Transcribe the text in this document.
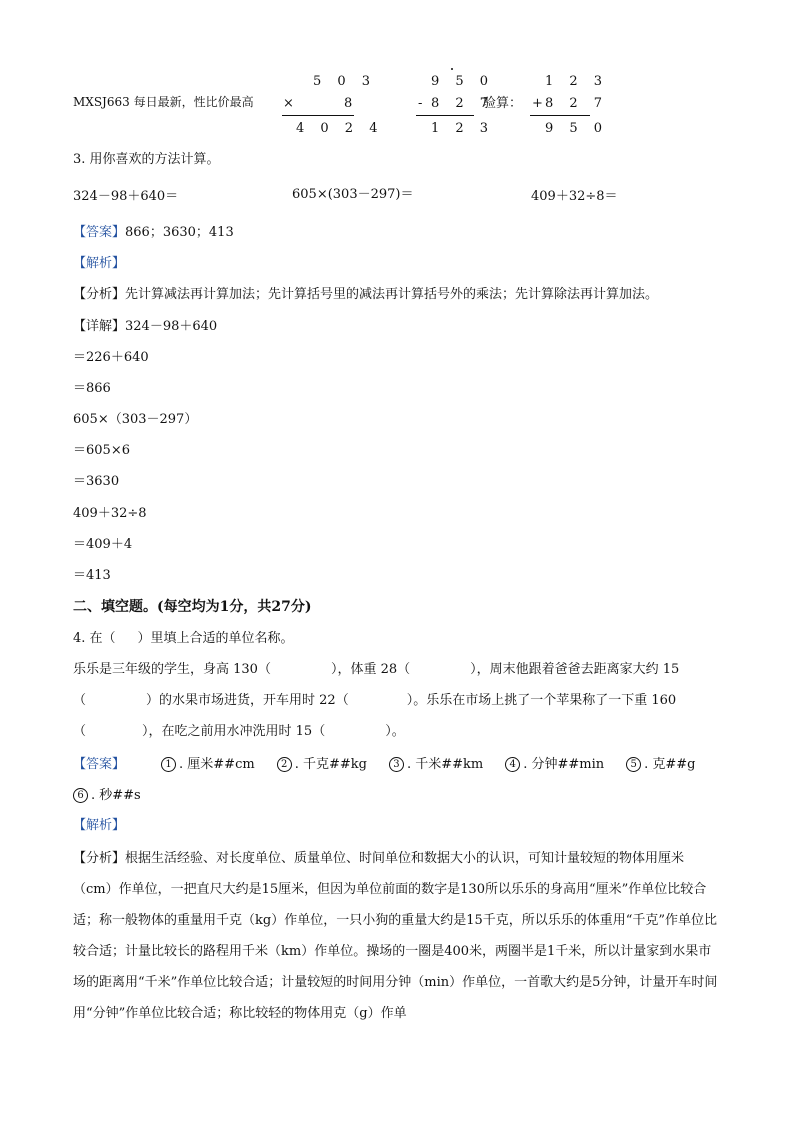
MXSJ663 每日最新，性比价最高
5 0 3
×	8
4 0 2 4
9 5 0
- 8 2 7
1 2 3
验算：
1 2 3
+ 8 2 7
9 5 0
3. 用你喜欢的方法计算。
324－98＋640＝	605×(303－297)＝	409＋32÷8＝
【答案】866；3630；413
【解析】
【分析】先计算减法再计算加法；先计算括号里的减法再计算括号外的乘法；先计算除法再计算加法。
【详解】324－98＋640
＝226＋640
＝866
605×（303－297）
＝605×6
＝3630
409＋32÷8
＝409＋4
＝413
二、填空题。(每空均为1分，共27分)
4. 在（ ）里填上合适的单位名称。
乐乐是三年级的学生，身高 130（	），体重 28（	），周末他跟着爸爸去距离家大约 15
（	）的水果市场进货，开车用时 22（	）。乐乐在市场上挑了一个苹果称了一下重 160
（	），在吃之前用水冲洗用时 15（	）。
【答案】	1 . 厘米##cm	2 . 千克##kg	3 . 千米##km	4 . 分钟##min	5 . 克##g
6 . 秒##s
【解析】
【分析】根据生活经验、对长度单位、质量单位、时间单位和数据大小的认识，可知计量较短的物体用厘米（cm）作单位，一把直尺大约是15厘米，但因为单位前面的数字是130所以乐乐的身高用“厘米”作单位比较合适；称一般物体的重量用千克（kg）作单位，一只小狗的重量大约是15千克，所以乐乐的体重用“千克”作单位比较合适；计量比较长的路程用千米（km）作单位。操场的一圈是400米，两圈半是1千米，所以计量家到水果市场的距离用“千米”作单位比较合适；计量较短的时间用分钟（min）作单位，一首歌大约是5分钟，计量开车时间用“分钟”作单位比较合适；称比较轻的物体用克（g）作单
